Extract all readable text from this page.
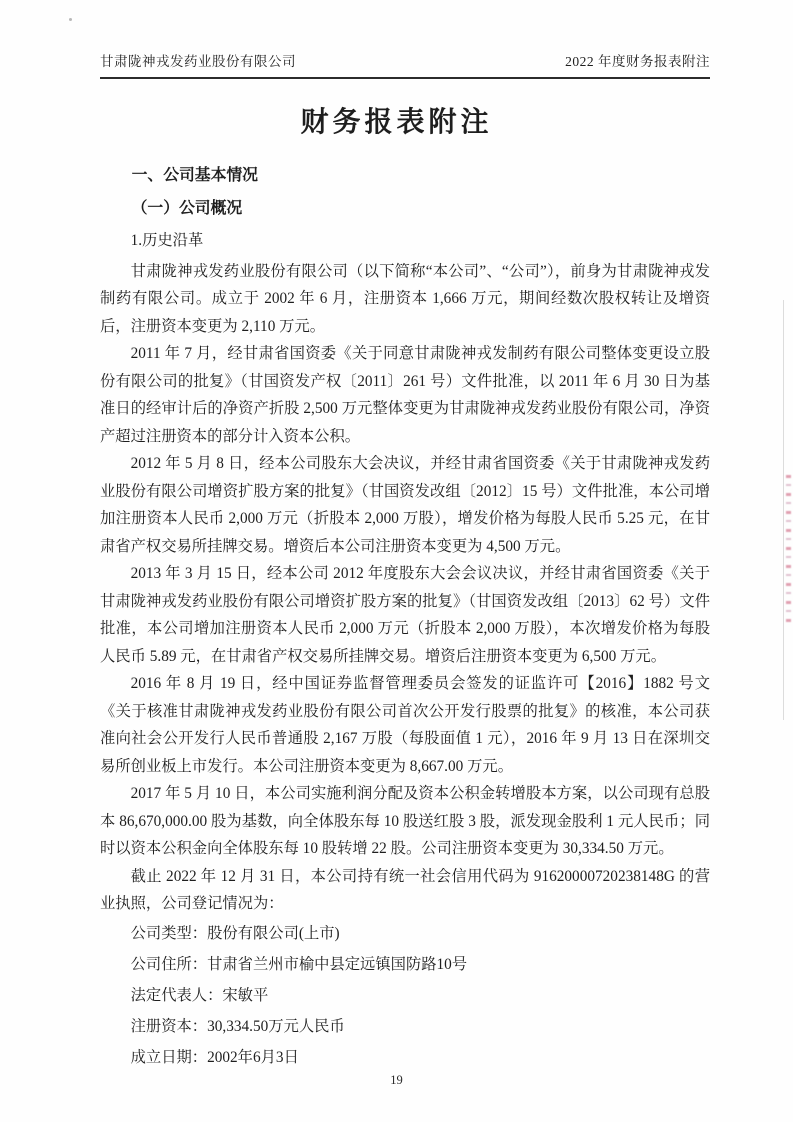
甘肃陇神戎发药业股份有限公司	2022 年度财务报表附注
财务报表附注
一、公司基本情况
（一）公司概况
1.历史沿革

甘肃陇神戎发药业股份有限公司（以下简称“本公司”、“公司”），前身为甘肃陇神戎发制药有限公司。成立于 2002 年 6 月，注册资本 1,666 万元，期间经数次股权转让及增资后，注册资本变更为 2,110 万元。

2011 年 7 月，经甘肃省国资委《关于同意甘肃陇神戎发制药有限公司整体变更设立股份有限公司的批复》（甘国资发产权〔2011〕261 号）文件批准，以 2011 年 6 月 30 日为基准日的经审计后的净资产折股 2,500 万元整体变更为甘肃陇神戎发药业股份有限公司，净资产超过注册资本的部分计入资本公积。

2012 年 5 月 8 日，经本公司股东大会决议，并经甘肃省国资委《关于甘肃陇神戎发药业股份有限公司增资扩股方案的批复》（甘国资发改组〔2012〕15 号）文件批准，本公司增加注册资本人民币 2,000 万元（折股本 2,000 万股），增发价格为每股人民币 5.25 元，在甘肃省产权交易所挂牌交易。增资后本公司注册资本变更为 4,500 万元。

2013 年 3 月 15 日，经本公司 2012 年度股东大会会议决议，并经甘肃省国资委《关于甘肃陇神戎发药业股份有限公司增资扩股方案的批复》（甘国资发改组〔2013〕62 号）文件批准，本公司增加注册资本人民币 2,000 万元（折股本 2,000 万股），本次增发价格为每股人民币 5.89 元，在甘肃省产权交易所挂牌交易。增资后注册资本变更为 6,500 万元。

2016 年 8 月 19 日，经中国证券监督管理委员会签发的证监许可【2016】1882 号文《关于核准甘肃陇神戎发药业股份有限公司首次公开发行股票的批复》的核准，本公司获准向社会公开发行人民币普通股 2,167 万股（每股面值 1 元），2016 年 9 月 13 日在深圳交易所创业板上市发行。本公司注册资本变更为 8,667.00 万元。

2017 年 5 月 10 日，本公司实施利润分配及资本公积金转增股本方案，以公司现有总股本 86,670,000.00 股为基数，向全体股东每 10 股送红股 3 股，派发现金股利 1 元人民币；同时以资本公积金向全体股东每 10 股转增 22 股。公司注册资本变更为 30,334.50 万元。

截止 2022 年 12 月 31 日，本公司持有统一社会信用代码为 91620000720238148G 的营业执照，公司登记情况为：

公司类型：股份有限公司(上市)

公司住所：甘肃省兰州市榆中县定远镇国防路10号

法定代表人：宋敏平

注册资本：30,334.50万元人民币

成立日期：2002年6月3日

19
